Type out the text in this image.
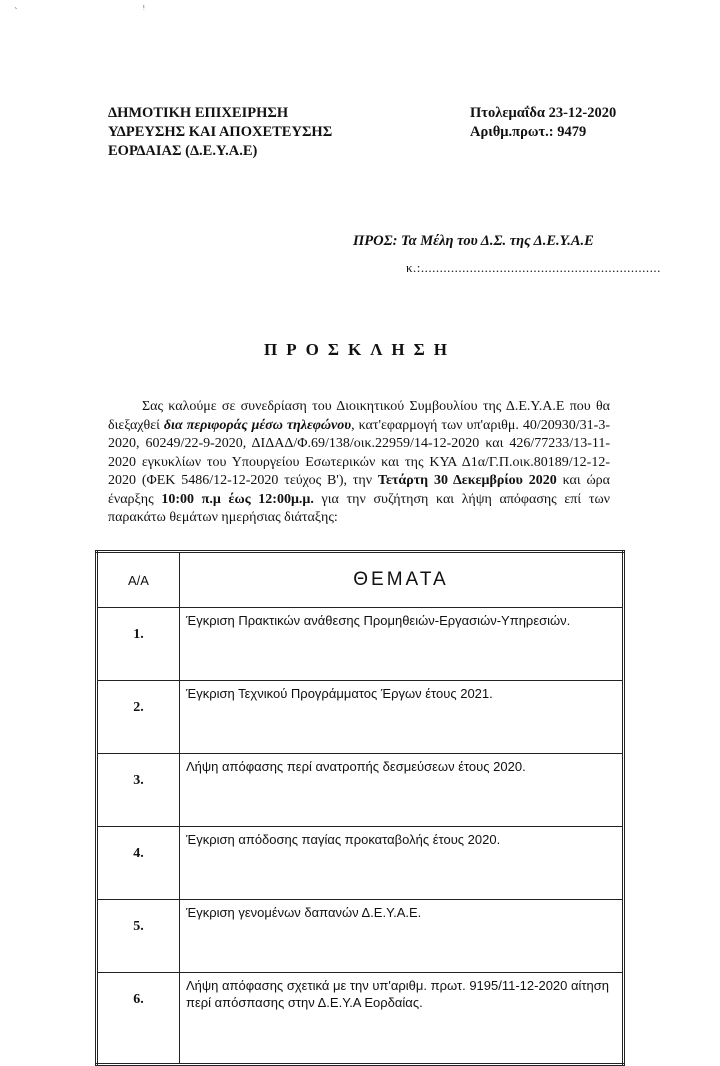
ˋ	ᵎ
ΔΗΜΟΤΙΚΗ ΕΠΙΧΕΙΡΗΣΗ
ΥΔΡΕΥΣΗΣ ΚΑΙ ΑΠΟΧΕΤΕΥΣΗΣ
ΕΟΡΔΑΙΑΣ (Δ.Ε.Υ.Α.Ε)
Πτολεμαΐδα 23-12-2020
Αριθμ.πρωτ.: 9479
ΠΡΟΣ: Τα Μέλη του Δ.Σ. της Δ.Ε.Υ.Α.Ε
κ.:................................................................
ΠΡΟΣΚΛΗΣΗ
Σας καλούμε σε συνεδρίαση του Διοικητικού Συμβουλίου της Δ.Ε.Υ.Α.Ε που θα διεξαχθεί δια περιφοράς μέσω τηλεφώνου, κατ'εφαρμογή των υπ'αριθμ. 40/20930/31-3-2020, 60249/22-9-2020, ΔΙΔΑΔ/Φ.69/138/οικ.22959/14-12-2020 και 426/77233/13-11-2020 εγκυκλίων του Υπουργείου Εσωτερικών και της ΚΥΑ Δ1α/Γ.Π.οικ.80189/12-12-2020 (ΦΕΚ 5486/12-12-2020 τεύχος Β'), την Τετάρτη 30 Δεκεμβρίου 2020 και ώρα έναρξης 10:00 π.μ έως 12:00μ.μ. για την συζήτηση και λήψη απόφασης επί των παρακάτω θεμάτων ημερήσιας διάταξης:
Α/Α	ΘΕΜΑΤΑ
1.	Έγκριση Πρακτικών ανάθεσης Προμηθειών-Εργασιών-Υπηρεσιών.
2.	Έγκριση Τεχνικού Προγράμματος Έργων έτους 2021.
3.	Λήψη απόφασης περί ανατροπής δεσμεύσεων έτους 2020.
4.	Έγκριση απόδοσης παγίας προκαταβολής έτους 2020.
5.	Έγκριση γενομένων δαπανών Δ.Ε.Υ.Α.Ε.
6.	Λήψη απόφασης σχετικά με την υπ'αριθμ. πρωτ. 9195/11-12-2020 αίτηση περί απόσπασης στην Δ.Ε.Υ.Α Εορδαίας.
